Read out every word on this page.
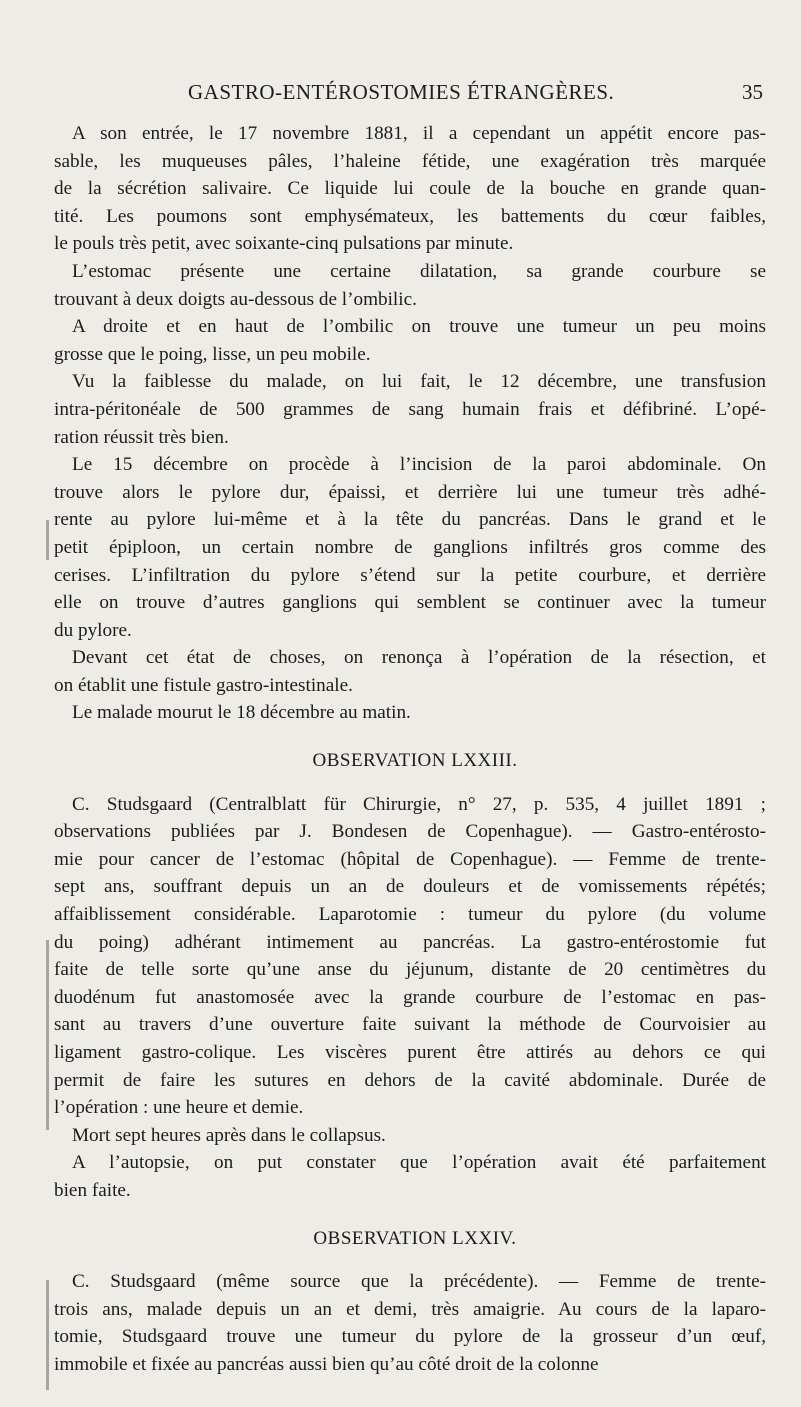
GASTRO-ENTÉROSTOMIES ÉTRANGÈRES.	35
A son entrée, le 17 novembre 1881, il a cependant un appétit encore pas-
sable, les muqueuses pâles, l’haleine fétide, une exagération très marquée
de la sécrétion salivaire. Ce liquide lui coule de la bouche en grande quan-
tité. Les poumons sont emphysémateux, les battements du cœur faibles,
le pouls très petit, avec soixante-cinq pulsations par minute.
L’estomac présente une certaine dilatation, sa grande courbure se
trouvant à deux doigts au-dessous de l’ombilic.
A droite et en haut de l’ombilic on trouve une tumeur un peu moins
grosse que le poing, lisse, un peu mobile.
Vu la faiblesse du malade, on lui fait, le 12 décembre, une transfusion
intra-péritonéale de 500 grammes de sang humain frais et défibriné. L’opé-
ration réussit très bien.
Le 15 décembre on procède à l’incision de la paroi abdominale. On
trouve alors le pylore dur, épaissi, et derrière lui une tumeur très adhé-
rente au pylore lui-même et à la tête du pancréas. Dans le grand et le
petit épiploon, un certain nombre de ganglions infiltrés gros comme des
cerises. L’infiltration du pylore s’étend sur la petite courbure, et derrière
elle on trouve d’autres ganglions qui semblent se continuer avec la tumeur
du pylore.
Devant cet état de choses, on renonça à l’opération de la résection, et
on établit une fistule gastro-intestinale.
Le malade mourut le 18 décembre au matin.
OBSERVATION LXXIII.
C. Studsgaard (Centralblatt für Chirurgie, n° 27, p. 535, 4 juillet 1891 ;
observations publiées par J. Bondesen de Copenhague). — Gastro-entérosto-
mie pour cancer de l’estomac (hôpital de Copenhague). — Femme de trente-
sept ans, souffrant depuis un an de douleurs et de vomissements répétés;
affaiblissement considérable. Laparotomie : tumeur du pylore (du volume
du poing) adhérant intimement au pancréas. La gastro-entérostomie fut
faite de telle sorte qu’une anse du jéjunum, distante de 20 centimètres du
duodénum fut anastomosée avec la grande courbure de l’estomac en pas-
sant au travers d’une ouverture faite suivant la méthode de Courvoisier au
ligament gastro-colique. Les viscères purent être attirés au dehors ce qui
permit de faire les sutures en dehors de la cavité abdominale. Durée de
l’opération : une heure et demie.
Mort sept heures après dans le collapsus.
A l’autopsie, on put constater que l’opération avait été parfaitement
bien faite.
OBSERVATION LXXIV.
C. Studsgaard (même source que la précédente). — Femme de trente-
trois ans, malade depuis un an et demi, très amaigrie. Au cours de la laparo-
tomie, Studsgaard trouve une tumeur du pylore de la grosseur d’un œuf,
immobile et fixée au pancréas aussi bien qu’au côté droit de la colonne
